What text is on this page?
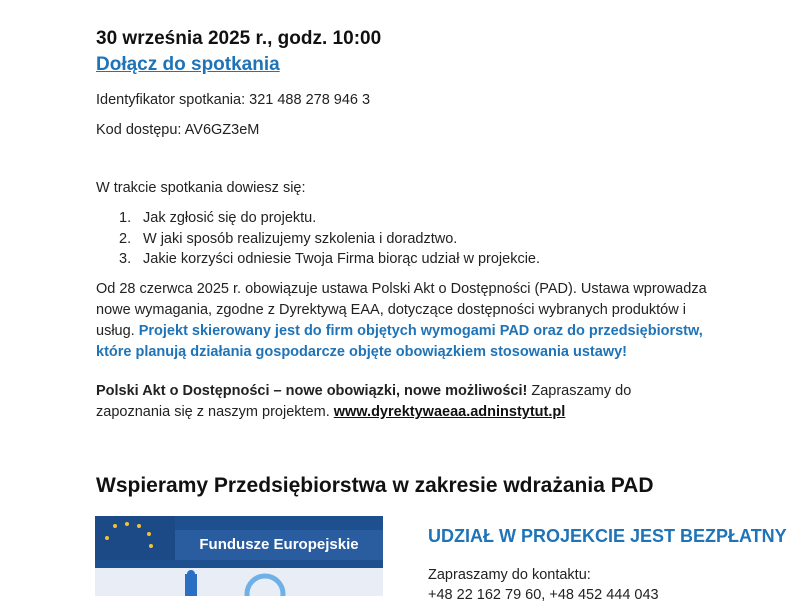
30 września 2025 r., godz. 10:00
Dołącz do spotkania
Identyfikator spotkania: 321 488 278 946 3
Kod dostępu: AV6GZ3eM
W trakcie spotkania dowiesz się:
1. Jak zgłosić się do projektu.
2. W jaki sposób realizujemy szkolenia i doradztwo.
3. Jakie korzyści odniesie Twoja Firma biorąc udział w projekcie.
Od 28 czerwca 2025 r. obowiązuje ustawa Polski Akt o Dostępności (PAD). Ustawa wprowadza nowe wymagania, zgodne z Dyrektywą EAA, dotyczące dostępności wybranych produktów i usług. Projekt skierowany jest do firm objętych wymogami PAD oraz do przedsiębiorstw, które planują działania gospodarcze objęte obowiązkiem stosowania ustawy!
Polski Akt o Dostępności – nowe obowiązki, nowe możliwości! Zapraszamy do zapoznania się z naszym projektem. www.dyrektywaeaa.adninstytut.pl
Wspieramy Przedsiębiorstwa w zakresie wdrażania PAD
Fundusze Europejskie	UDZIAŁ W PROJEKCIE JEST BEZPŁATNY
Zapraszamy do kontaktu:
+48 22 162 79 60, +48 452 444 043
